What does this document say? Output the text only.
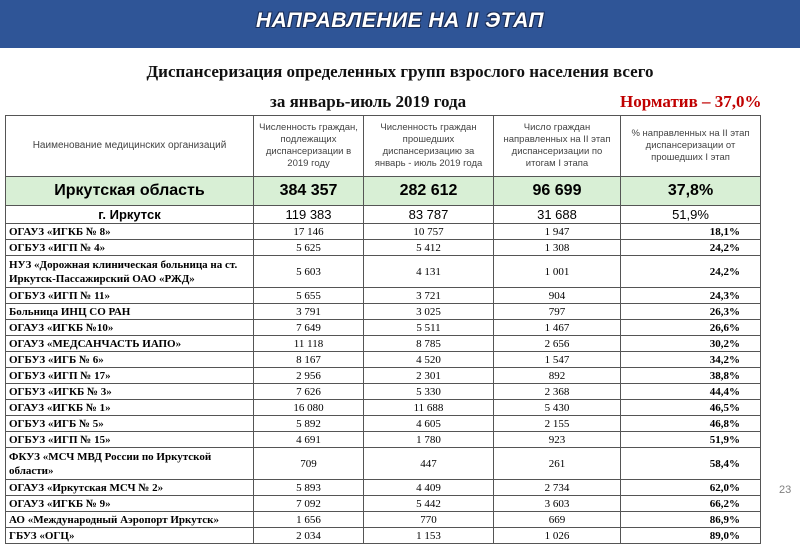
НАПРАВЛЕНИЕ НА II ЭТАП
Диспансеризация определенных групп взрослого населения всего
за январь-июль 2019 года	Норматив – 37,0%
Наименование медицинских организаций	Численность граждан, подлежащих диспансеризации в 2019 году	Численность граждан прошедших диспансеризацию за январь - июль 2019 года	Число граждан направленных на II этап диспансеризации по итогам I этапа	% направленных на II этап диспансеризации от прошедших I этап
Иркутская область	384 357	282 612	96 699	37,8%
г. Иркутск	119 383	83 787	31 688	51,9%
ОГАУЗ «ИГКБ № 8»	17 146	10 757	1 947	18,1%
ОГБУЗ «ИГП № 4»	5 625	5 412	1 308	24,2%
НУЗ «Дорожная клиническая больница на ст. Иркутск-Пассажирский ОАО «РЖД»	5 603	4 131	1 001	24,2%
ОГБУЗ «ИГП № 11»	5 655	3 721	904	24,3%
Больница ИНЦ СО РАН	3 791	3 025	797	26,3%
ОГАУЗ «ИГКБ №10»	7 649	5 511	1 467	26,6%
ОГАУЗ «МЕДСАНЧАСТЬ ИАПО»	11 118	8 785	2 656	30,2%
ОГБУЗ «ИГБ № 6»	8 167	4 520	1 547	34,2%
ОГБУЗ «ИГП № 17»	2 956	2 301	892	38,8%
ОГБУЗ «ИГКБ № 3»	7 626	5 330	2 368	44,4%
ОГАУЗ «ИГКБ № 1»	16 080	11 688	5 430	46,5%
ОГБУЗ «ИГБ № 5»	5 892	4 605	2 155	46,8%
ОГБУЗ «ИГП № 15»	4 691	1 780	923	51,9%
ФКУЗ «МСЧ МВД России по Иркутской области»	709	447	261	58,4%
ОГАУЗ «Иркутская МСЧ № 2»	5 893	4 409	2 734	62,0%
ОГАУЗ «ИГКБ № 9»	7 092	5 442	3 603	66,2%
АО «Международный Аэропорт Иркутск»	1 656	770	669	86,9%
ГБУЗ «ОГЦ»	2 034	1 153	1 026	89,0%
23
